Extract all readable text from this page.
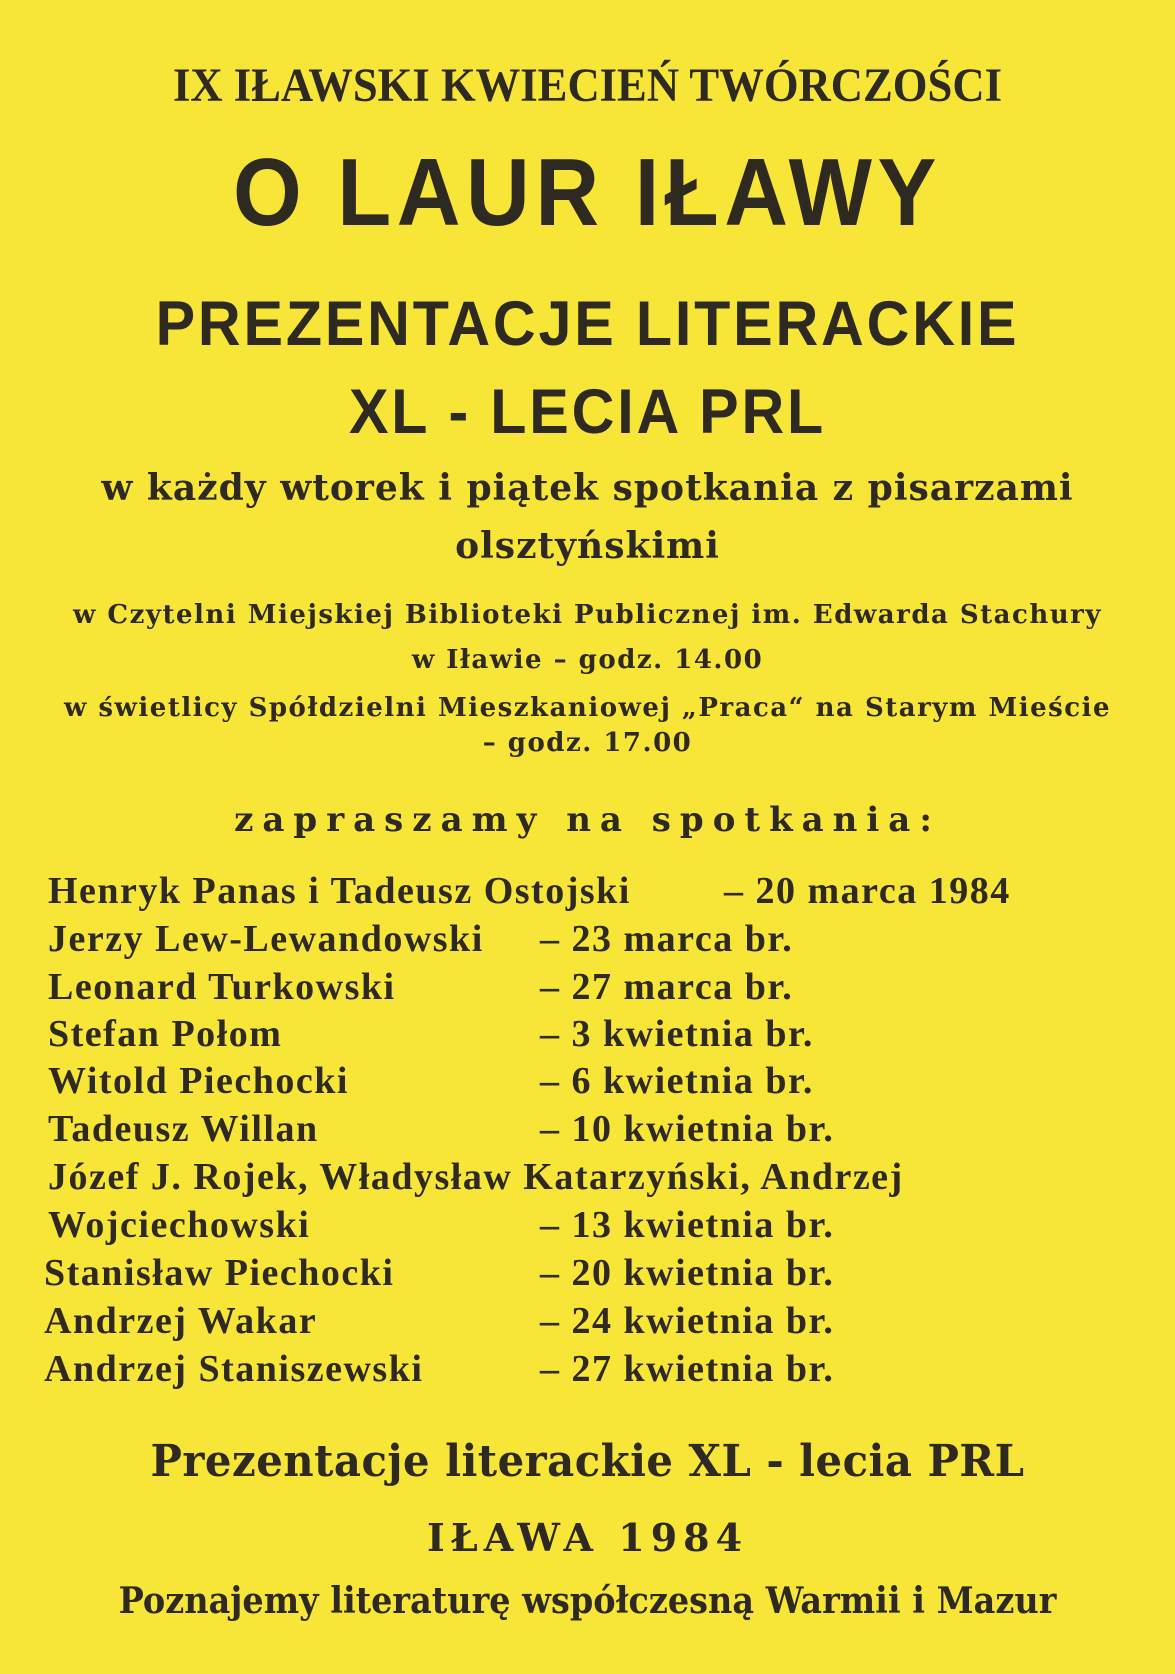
IX IŁAWSKI KWIECIEŃ TWÓRCZOŚCI

O LAUR IŁAWY

PREZENTACJE LITERACKIE

XL - LECIA PRL

w każdy wtorek i piątek spotkania z pisarzami

olsztyńskimi

w Czytelni Miejskiej Biblioteki Publicznej im. Edwarda Stachury

w Iławie – godz. 14.00

w świetlicy Spółdzielni Mieszkaniowej „Praca“ na Starym Mieście

– godz. 17.00

zapraszamy na spotkania:

Henryk Panas i Tadeusz Ostojski – 20 marca 1984
Jerzy Lew-Lewandowski – 23 marca br.
Leonard Turkowski	– 27 marca br.
Stefan Połom	– 3 kwietnia br.
Witold Piechocki	– 6 kwietnia br.
Tadeusz Willan	– 10 kwietnia br.
Józef J. Rojek, Władysław Katarzyński, Andrzej
Wojciechowski	– 13 kwietnia br.
Stanisław Piechocki	– 20 kwietnia br.
Andrzej Wakar	– 24 kwietnia br.
Andrzej Staniszewski	– 27 kwietnia br.

Prezentacje literackie XL - lecia PRL

IŁAWA 1984

Poznajemy literaturę współczesną Warmii i Mazur
